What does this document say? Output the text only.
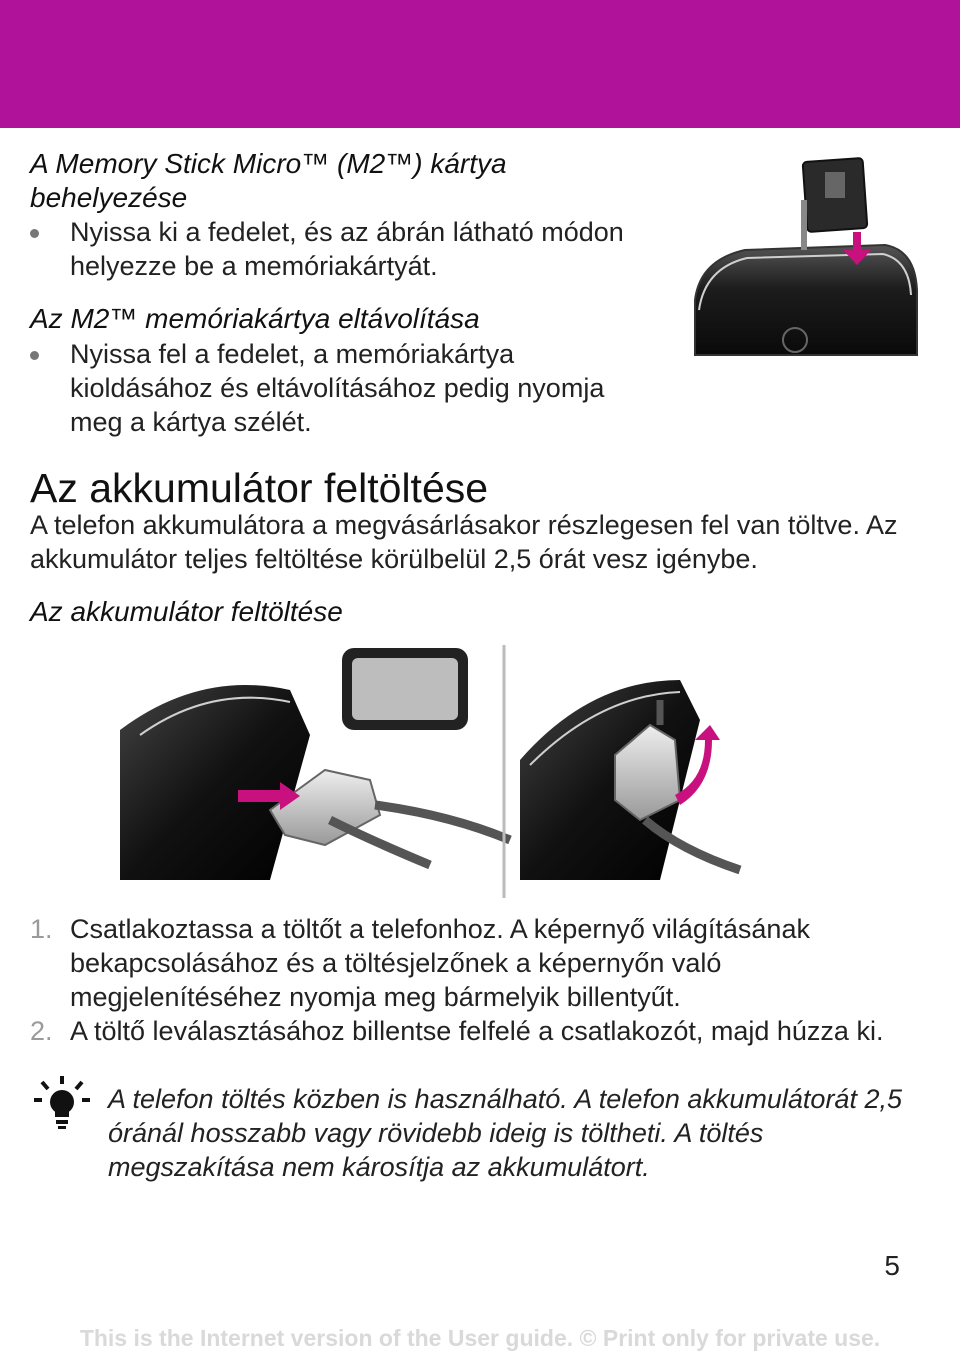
A Memory Stick Micro™ (M2™) kártya behelyezése
Nyissa ki a fedelet, és az ábrán látható módon helyezze be a memóriakártyát.
Az M2™ memóriakártya eltávolítása
Nyissa fel a fedelet, a memóriakártya kioldásához és eltávolításához pedig nyomja meg a kártya szélét.
Az akkumulátor feltöltése
A telefon akkumulátora a megvásárlásakor részlegesen fel van töltve. Az akkumulátor teljes feltöltése körülbelül 2,5 órát vesz igénybe.
Az akkumulátor feltöltése
1. Csatlakoztassa a töltőt a telefonhoz. A képernyő világításának bekapcsolásához és a töltésjelzőnek a képernyőn való megjelenítéséhez nyomja meg bármelyik billentyűt.
2. A töltő leválasztásához billentse felfelé a csatlakozót, majd húzza ki.
A telefon töltés közben is használható. A telefon akkumulátorát 2,5 óránál hosszabb vagy rövidebb ideig is töltheti. A töltés megszakítása nem károsítja az akkumulátort.
5
This is the Internet version of the User guide. © Print only for private use.
